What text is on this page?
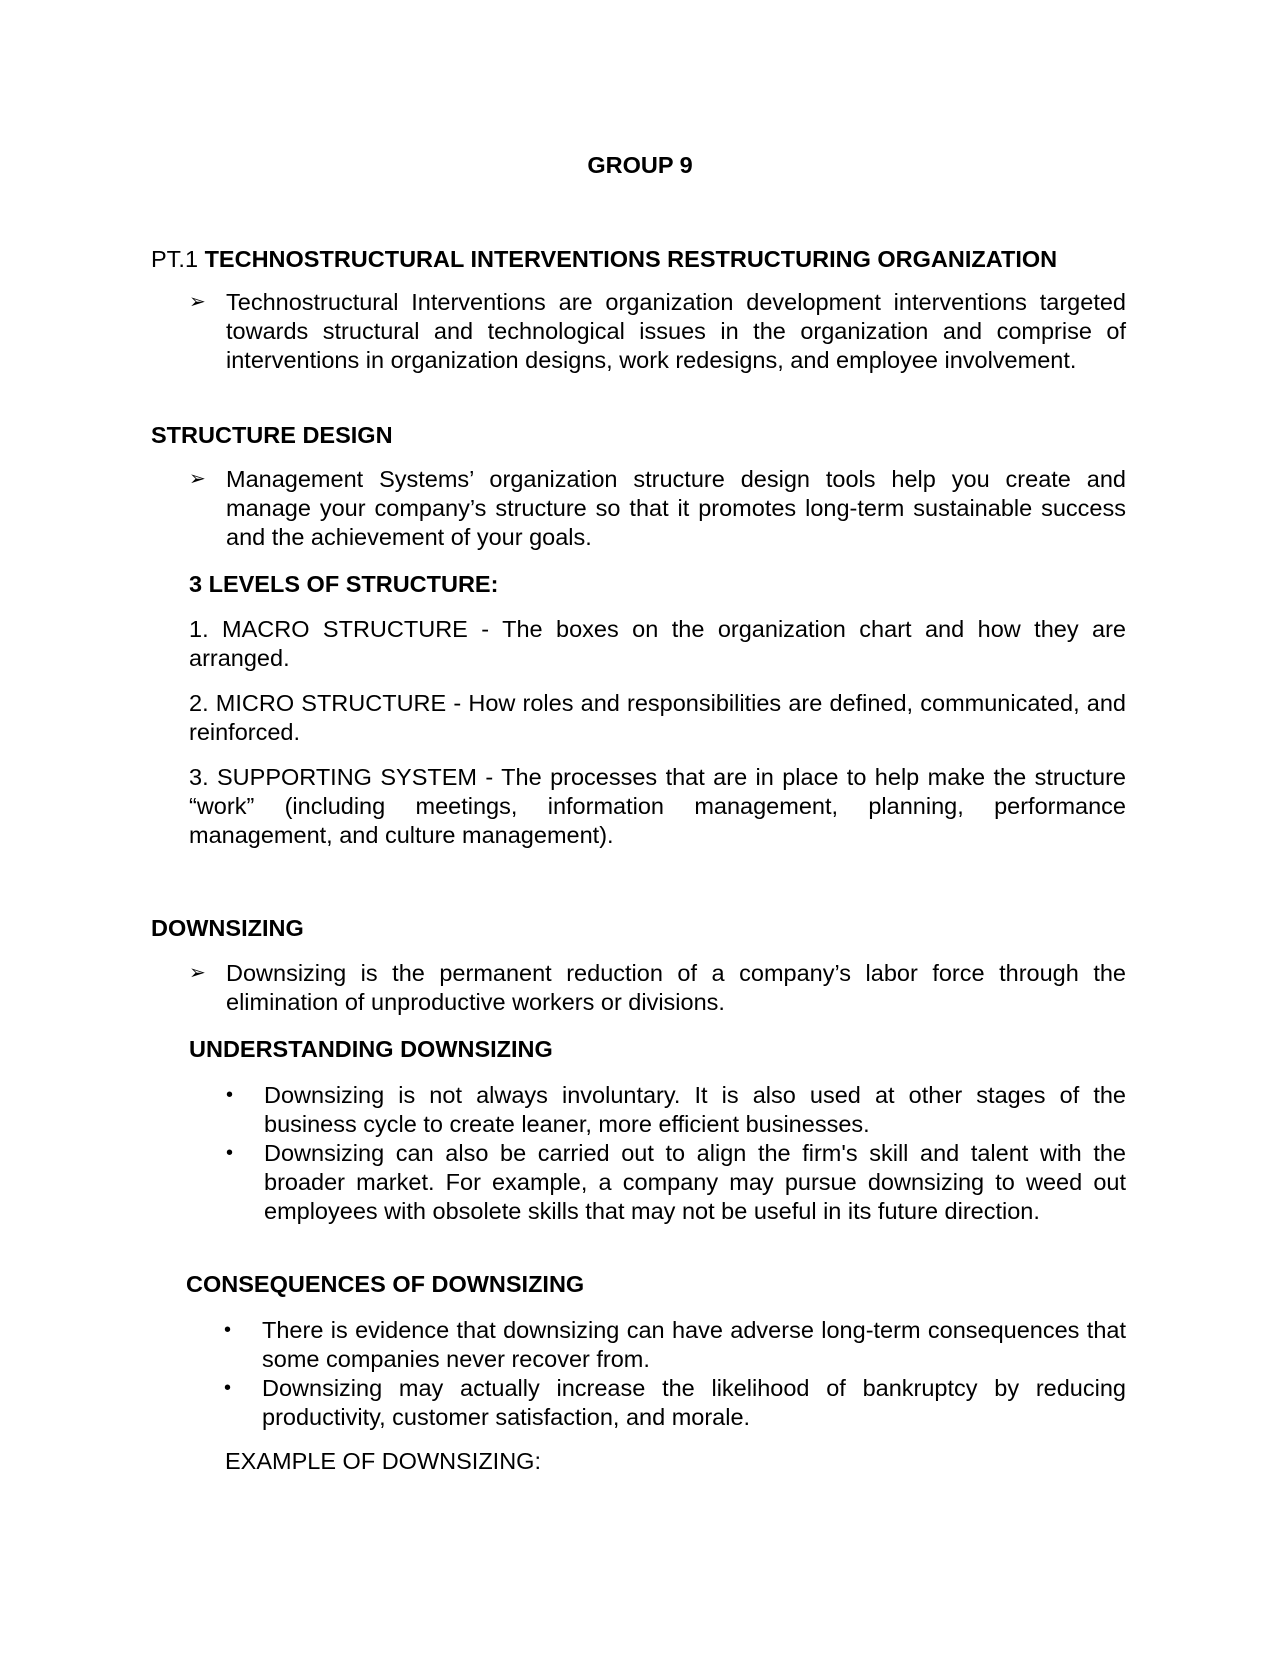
GROUP 9
PT.1 TECHNOSTRUCTURAL INTERVENTIONS RESTRUCTURING ORGANIZATION
➢ Technostructural Interventions are organization development interventions targeted towards structural and technological issues in the organization and comprise of interventions in organization designs, work redesigns, and employee involvement.
STRUCTURE DESIGN
➢ Management Systems’ organization structure design tools help you create and manage your company’s structure so that it promotes long-term sustainable success and the achievement of your goals.
3 LEVELS OF STRUCTURE:
1. MACRO STRUCTURE - The boxes on the organization chart and how they are arranged.
2. MICRO STRUCTURE - How roles and responsibilities are defined, communicated, and reinforced.
3. SUPPORTING SYSTEM - The processes that are in place to help make the structure “work” (including meetings, information management, planning, performance management, and culture management).
DOWNSIZING
➢ Downsizing is the permanent reduction of a company’s labor force through the elimination of unproductive workers or divisions.
UNDERSTANDING DOWNSIZING
• Downsizing is not always involuntary. It is also used at other stages of the business cycle to create leaner, more efficient businesses.
• Downsizing can also be carried out to align the firm's skill and talent with the broader market. For example, a company may pursue downsizing to weed out employees with obsolete skills that may not be useful in its future direction.
CONSEQUENCES OF DOWNSIZING
• There is evidence that downsizing can have adverse long-term consequences that some companies never recover from.
• Downsizing may actually increase the likelihood of bankruptcy by reducing productivity, customer satisfaction, and morale.
EXAMPLE OF DOWNSIZING:
